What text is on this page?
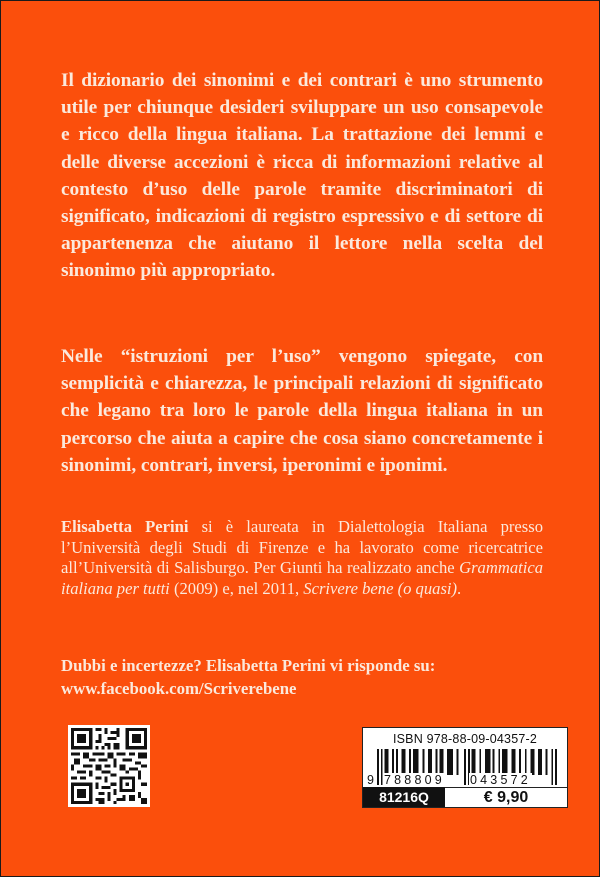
Il dizionario dei sinonimi e dei contrari è uno strumento utile per chiunque desideri sviluppare un uso consapevole e ricco della lingua italiana. La trattazione dei lemmi e delle diverse accezioni è ricca di informazioni relative al contesto d’uso delle parole tramite discriminatori di significato, indicazioni di registro espressivo e di settore di appartenenza che aiutano il lettore nella scelta del sinonimo più appropriato.

Nelle “istruzioni per l’uso” vengono spiegate, con semplicità e chiarezza, le principali relazioni di significato che legano tra loro le parole della lingua italiana in un percorso che aiuta a capire che cosa siano concretamente i sinonimi, contrari, inversi, iperonimi e iponimi.

Elisabetta Perini si è laureata in Dialettologia Italiana presso l’Università degli Studi di Firenze e ha lavorato come ricercatrice all’Università di Salisburgo. Per Giunti ha realizzato anche Grammatica italiana per tutti (2009) e, nel 2011, Scrivere bene (o quasi).

Dubbi e incertezze? Elisabetta Perini vi risponde su:
www.facebook.com/Scriverebene
ISBN 978-88-09-04357-2
9 788809 043572
81216Q	€ 9,90
